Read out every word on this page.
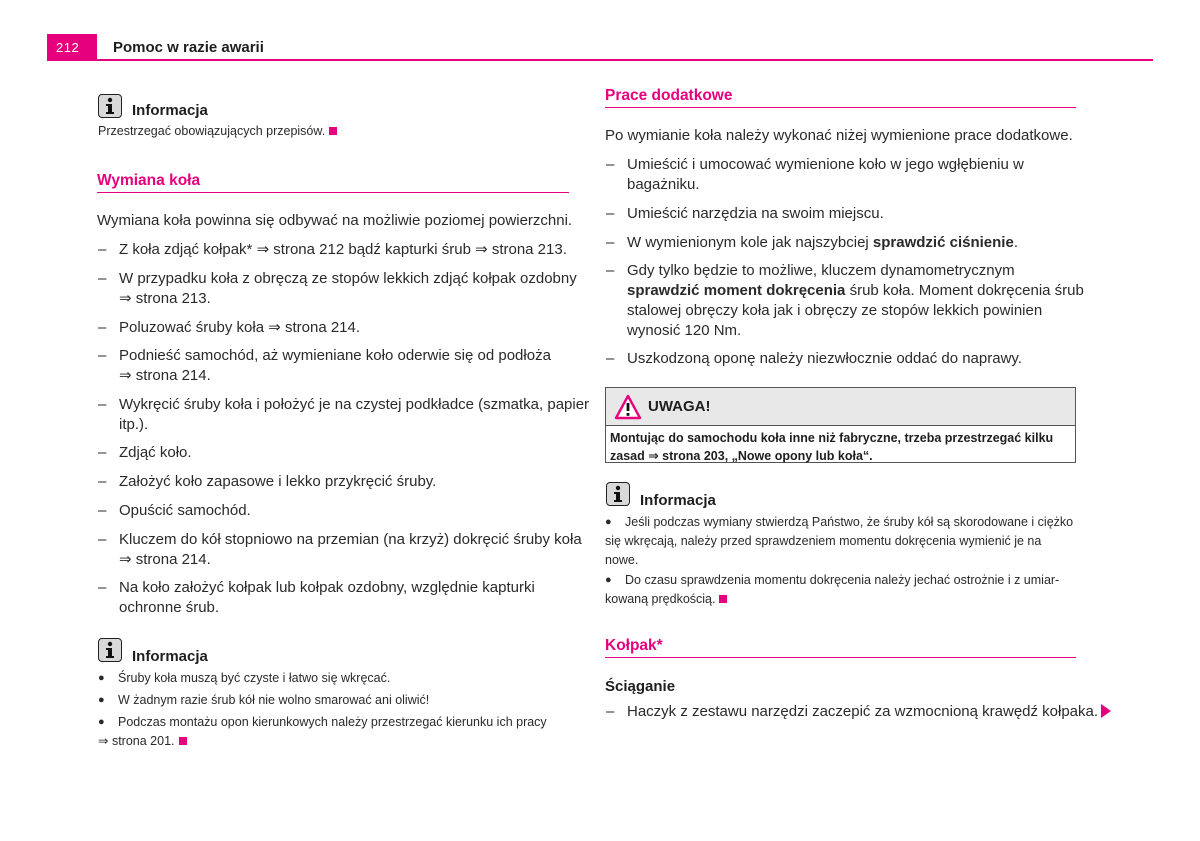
212 Pomoc w razie awarii
Informacja
Przestrzegać obowiązujących przepisów.
Wymiana koła
Wymiana koła powinna się odbywać na możliwie poziomej powierzchni.
– Z koła zdjąć kołpak* ⇒ strona 212 bądź kapturki śrub ⇒ strona 213.
– W przypadku koła z obręczą ze stopów lekkich zdjąć kołpak ozdobny
⇒ strona 213.
– Poluzować śruby koła ⇒ strona 214.
– Podnieść samochód, aż wymieniane koło oderwie się od podłoża
⇒ strona 214.
– Wykręcić śruby koła i położyć je na czystej podkładce (szmatka, papier
itp.).
– Zdjąć koło.
– Założyć koło zapasowe i lekko przykręcić śruby.
– Opuścić samochód.
– Kluczem do kół stopniowo na przemian (na krzyż) dokręcić śruby koła
⇒ strona 214.
– Na koło założyć kołpak lub kołpak ozdobny, względnie kapturki
ochronne śrub.
Informacja
● Śruby koła muszą być czyste i łatwo się wkręcać.
● W żadnym razie śrub kół nie wolno smarować ani oliwić!
● Podczas montażu opon kierunkowych należy przestrzegać kierunku ich pracy
⇒ strona 201.
Prace dodatkowe
Po wymianie koła należy wykonać niżej wymienione prace dodatkowe.
– Umieścić i umocować wymienione koło w jego wgłębieniu w
bagażniku.
– Umieścić narzędzia na swoim miejscu.
– W wymienionym kole jak najszybciej sprawdzić ciśnienie.
– Gdy tylko będzie to możliwe, kluczem dynamometrycznym
sprawdzić moment dokręcenia śrub koła. Moment dokręcenia śrub
stalowej obręczy koła jak i obręczy ze stopów lekkich powinien
wynosić 120 Nm.
– Uszkodzoną oponę należy niezwłocznie oddać do naprawy.
UWAGA!
Montując do samochodu koła inne niż fabryczne, trzeba przestrzegać kilku
zasad ⇒ strona 203, „Nowe opony lub koła“.
Informacja
● Jeśli podczas wymiany stwierdzą Państwo, że śruby kół są skorodowane i ciężko
się wkręcają, należy przed sprawdzeniem momentu dokręcenia wymienić je na
nowe.
● Do czasu sprawdzenia momentu dokręcenia należy jechać ostrożnie i z umiar-
kowaną prędkością.
Kołpak*
Ściąganie
– Haczyk z zestawu narzędzi zaczepić za wzmocnioną krawędź kołpaka.
